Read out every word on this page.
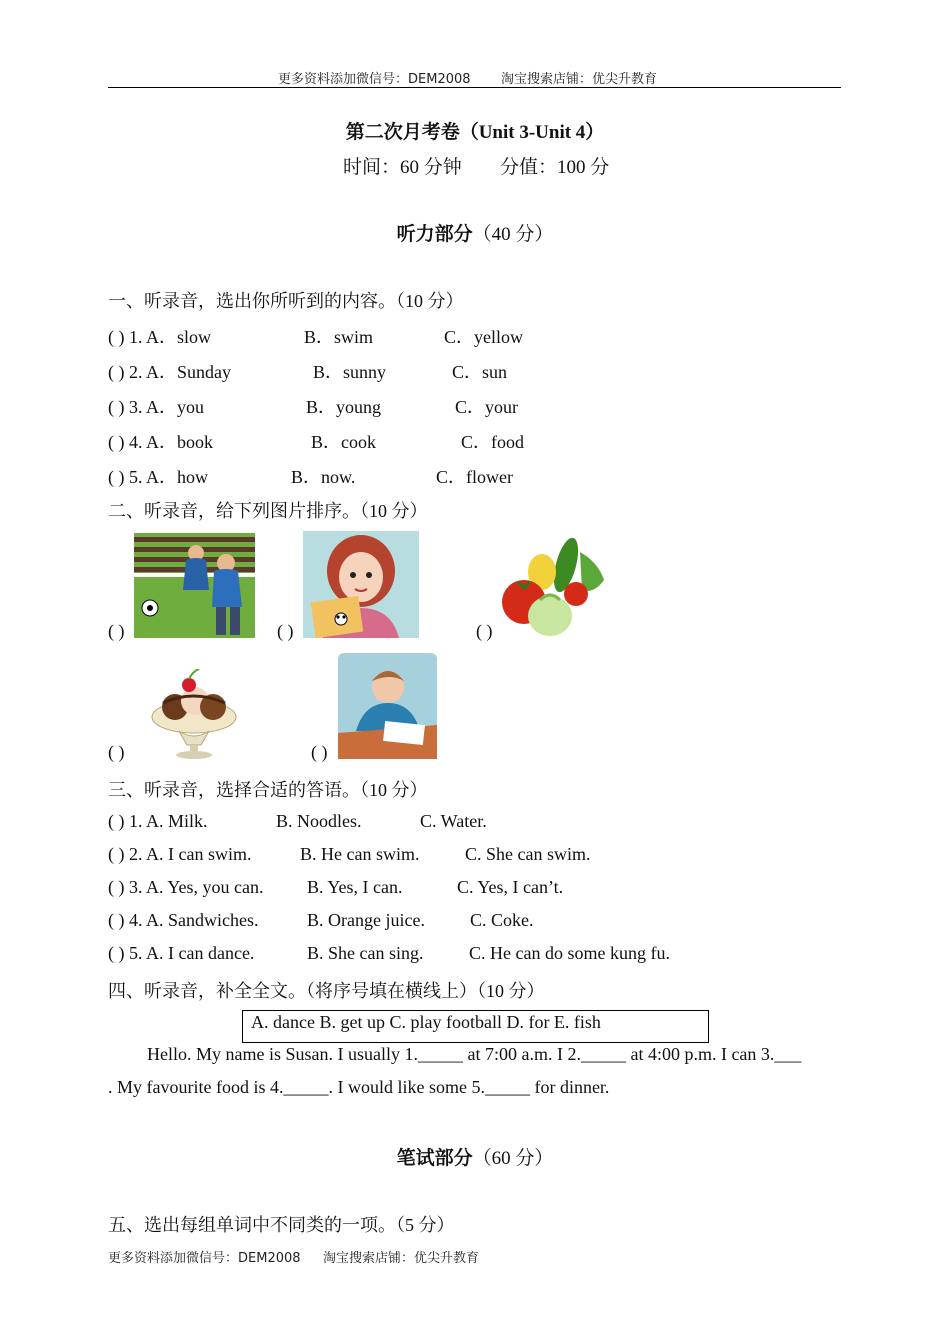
更多资料添加微信号：DEM2008 淘宝搜索店铺：优尖升教育
第二次月考卷（Unit 3-Unit 4）
时间：60 分钟 分值：100 分
听力部分（40 分）
一、听录音，选出你所听到的内容。（10 分）
( ) 1. A．slow	B．swim	C．yellow
( ) 2. A．Sunday	B．sunny	C．sun
( ) 3. A．you	B．young	C．your
( ) 4. A．book	B．cook	C．food
( ) 5. A．how	B．now.	C．flower
二、听录音，给下列图片排序。（10 分）
( )	( )	( )
( )	( )
三、听录音，选择合适的答语。（10 分）
( ) 1. A. Milk.	B. Noodles.	C. Water.
( ) 2. A. I can swim.	B. He can swim.	C. She can swim.
( ) 3. A. Yes, you can. B. Yes, I can.	C. Yes, I can’t.
( ) 4. A. Sandwiches.	B. Orange juice.	C. Coke.
( ) 5. A. I can dance.	B. She can sing.	C. He can do some kung fu.
四、听录音，补全全文。（将序号填在横线上）（10 分）
A. dance B. get up C. play football D. for E. fish
Hello. My name is Susan. I usually 1._____ at 7:00 a.m. I 2._____ at 4:00 p.m. I can 3.___
. My favourite food is 4._____. I would like some 5._____ for dinner.
笔试部分（60 分）
五、选出每组单词中不同类的一项。（5 分）
更多资料添加微信号：DEM2008 淘宝搜索店铺：优尖升教育
